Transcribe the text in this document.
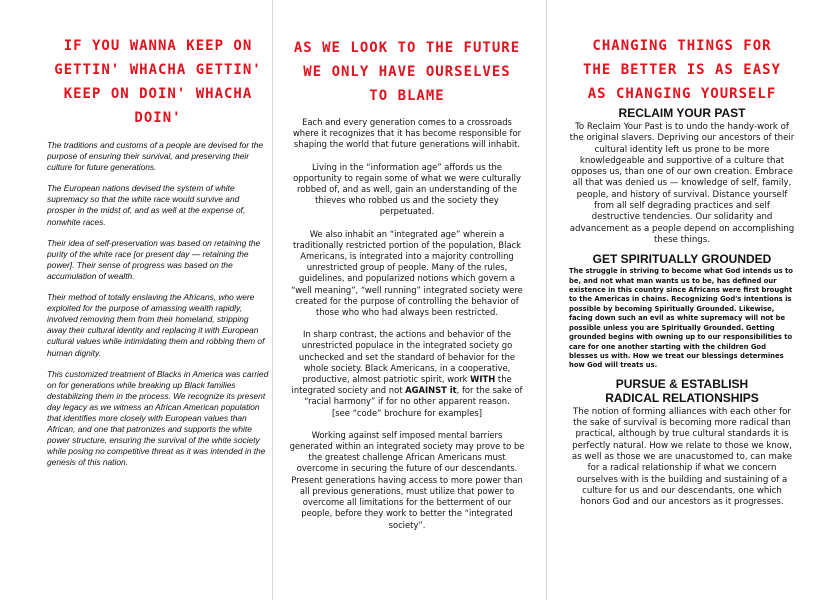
IF YOU WANNA KEEP ON
GETTIN' WHACHA GETTIN'
KEEP ON DOIN' WHACHA
DOIN'

The traditions and customs of a people are devised for the purpose of ensuring their survival, and preserving their culture for future generations.

The European nations devised the system of white supremacy so that the white race would survive and prosper in the midst of, and as well at the expense of, nonwhite races.

Their idea of self-preservation was based on retaining the purity of the white race [or present day — retaining the power]. Their sense of progress was based on the accumulation of wealth.

Their method of totally enslaving the Africans, who were exploited for the purpose of amassing wealth rapidly, involved removing them from their homeland, stripping away their cultural identity and replacing it with European cultural values while intimidating them and robbing them of human dignity.

This customized treatment of Blacks in America was carried on for generations while breaking up Black families destabilizing them in the process. We recognize its present day legacy as we witness an African American population that identifies more closely with European values than African, and one that patronizes and supports the white power structure, ensuring the survival of the white society while posing no competitive threat as it was intended in the genesis of this nation.

AS WE LOOK TO THE FUTURE
WE ONLY HAVE OURSELVES
TO BLAME

Each and every generation comes to a crossroads where it recognizes that it has become responsible for shaping the world that future generations will inhabit.

Living in the “information age” affords us the opportunity to regain some of what we were culturally robbed of, and as well, gain an understanding of the thieves who robbed us and the society they perpetuated.

We also inhabit an “integrated age” wherein a traditionally restricted portion of the population, Black Americans, is integrated into a majority controlling unrestricted group of people. Many of the rules, guidelines, and popularized notions which govern a “well meaning”, “well running” integrated society were created for the purpose of controlling the behavior of those who who had always been restricted.

In sharp contrast, the actions and behavior of the unrestricted populace in the integrated society go unchecked and set the standard of behavior for the whole society. Black Americans, in a cooperative, productive, almost patriotic spirit, work WITH the integrated society and not AGAINST it, for the sake of “racial harmony” if for no other apparent reason.
[see “code” brochure for examples]

Working against self imposed mental barriers generated within an integrated society may prove to be the greatest challenge African Americans must overcome in securing the future of our descendants. Present generations having access to more power than all previous generations, must utilize that power to overcome all limitations for the betterment of our people, before they work to better the “integrated society”.

CHANGING THINGS FOR
THE BETTER IS AS EASY
AS CHANGING YOURSELF
RECLAIM YOUR PAST

To Reclaim Your Past is to undo the handy-work of the original slavers. Depriving our ancestors of their cultural identity left us prone to be more knowledgeable and supportive of a culture that opposes us, than one of our own creation. Embrace all that was denied us — knowledge of self, family, people, and history of survival. Distance yourself from all self degrading practices and self destructive tendencies. Our solidarity and advancement as a people depend on accomplishing these things.

GET SPIRITUALLY GROUNDED

The struggle in striving to become what God intends us to be, and not what man wants us to be, has defined our existence in this country since Africans were first brought to the Americas in chains. Recognizing God's intentions is possible by becoming Spiritually Grounded. Likewise, facing down such an evil as white supremacy will not be possible unless you are Spiritually Grounded. Getting grounded begins with owning up to our responsibilities to care for one another starting with the children God blesses us with. How we treat our blessings determines how God will treats us.

PURSUE & ESTABLISH
RADICAL RELATIONSHIPS

The notion of forming alliances with each other for the sake of survival is becoming more radical than practical, although by true cultural standards it is perfectly natural. How we relate to those we know, as well as those we are unacustomed to, can make for a radical relationship if what we concern ourselves with is the building and sustaining of a culture for us and our descendants, one which honors God and our ancestors as it progresses.
